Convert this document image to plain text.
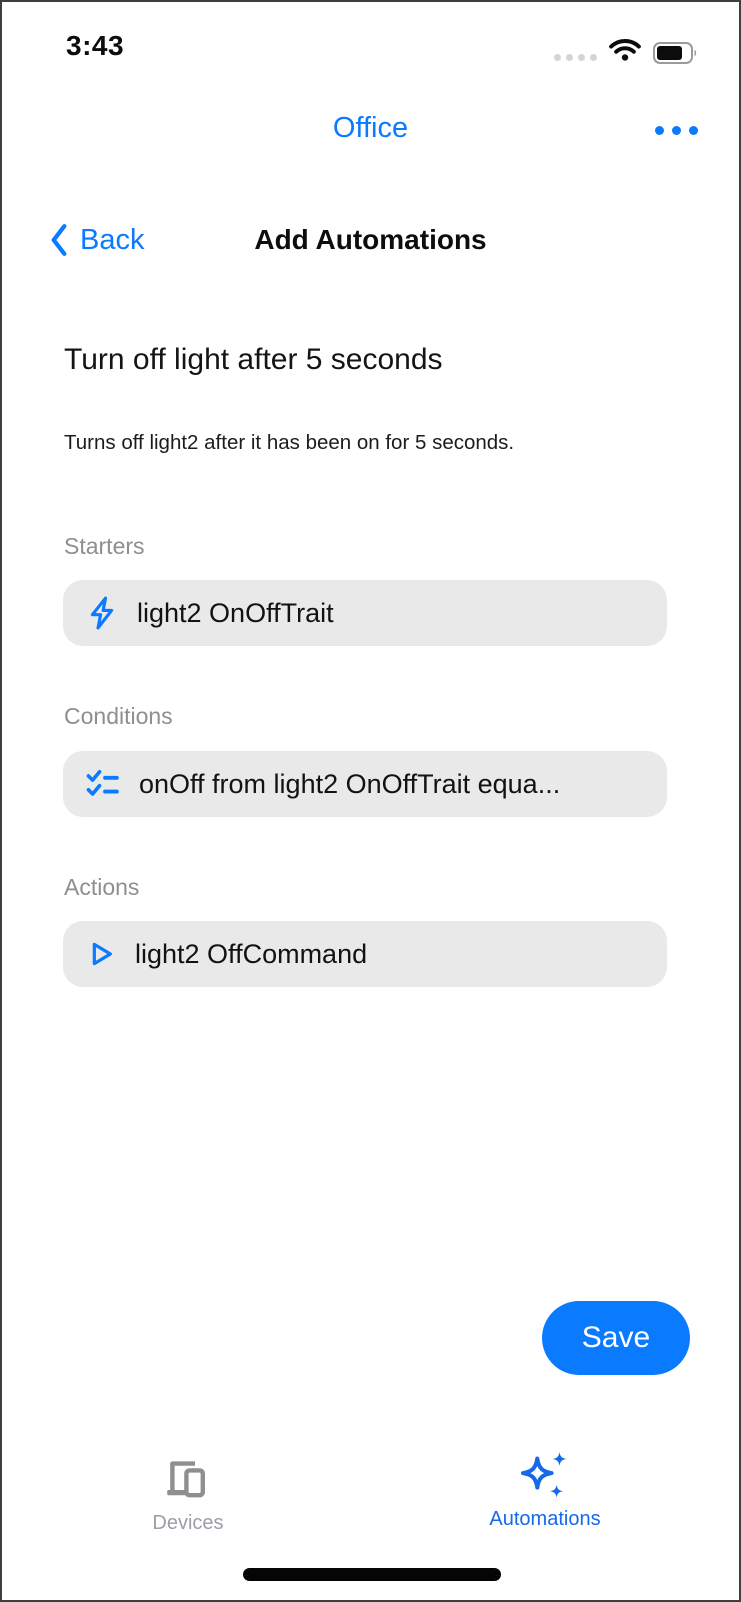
3:43
Office
Back	Add Automations
Turn off light after 5 seconds
Turns off light2 after it has been on for 5 seconds.
Starters
light2 OnOffTrait
Conditions
onOff from light2 OnOffTrait equa...
Actions
light2 OffCommand
Save
Devices	Automations
